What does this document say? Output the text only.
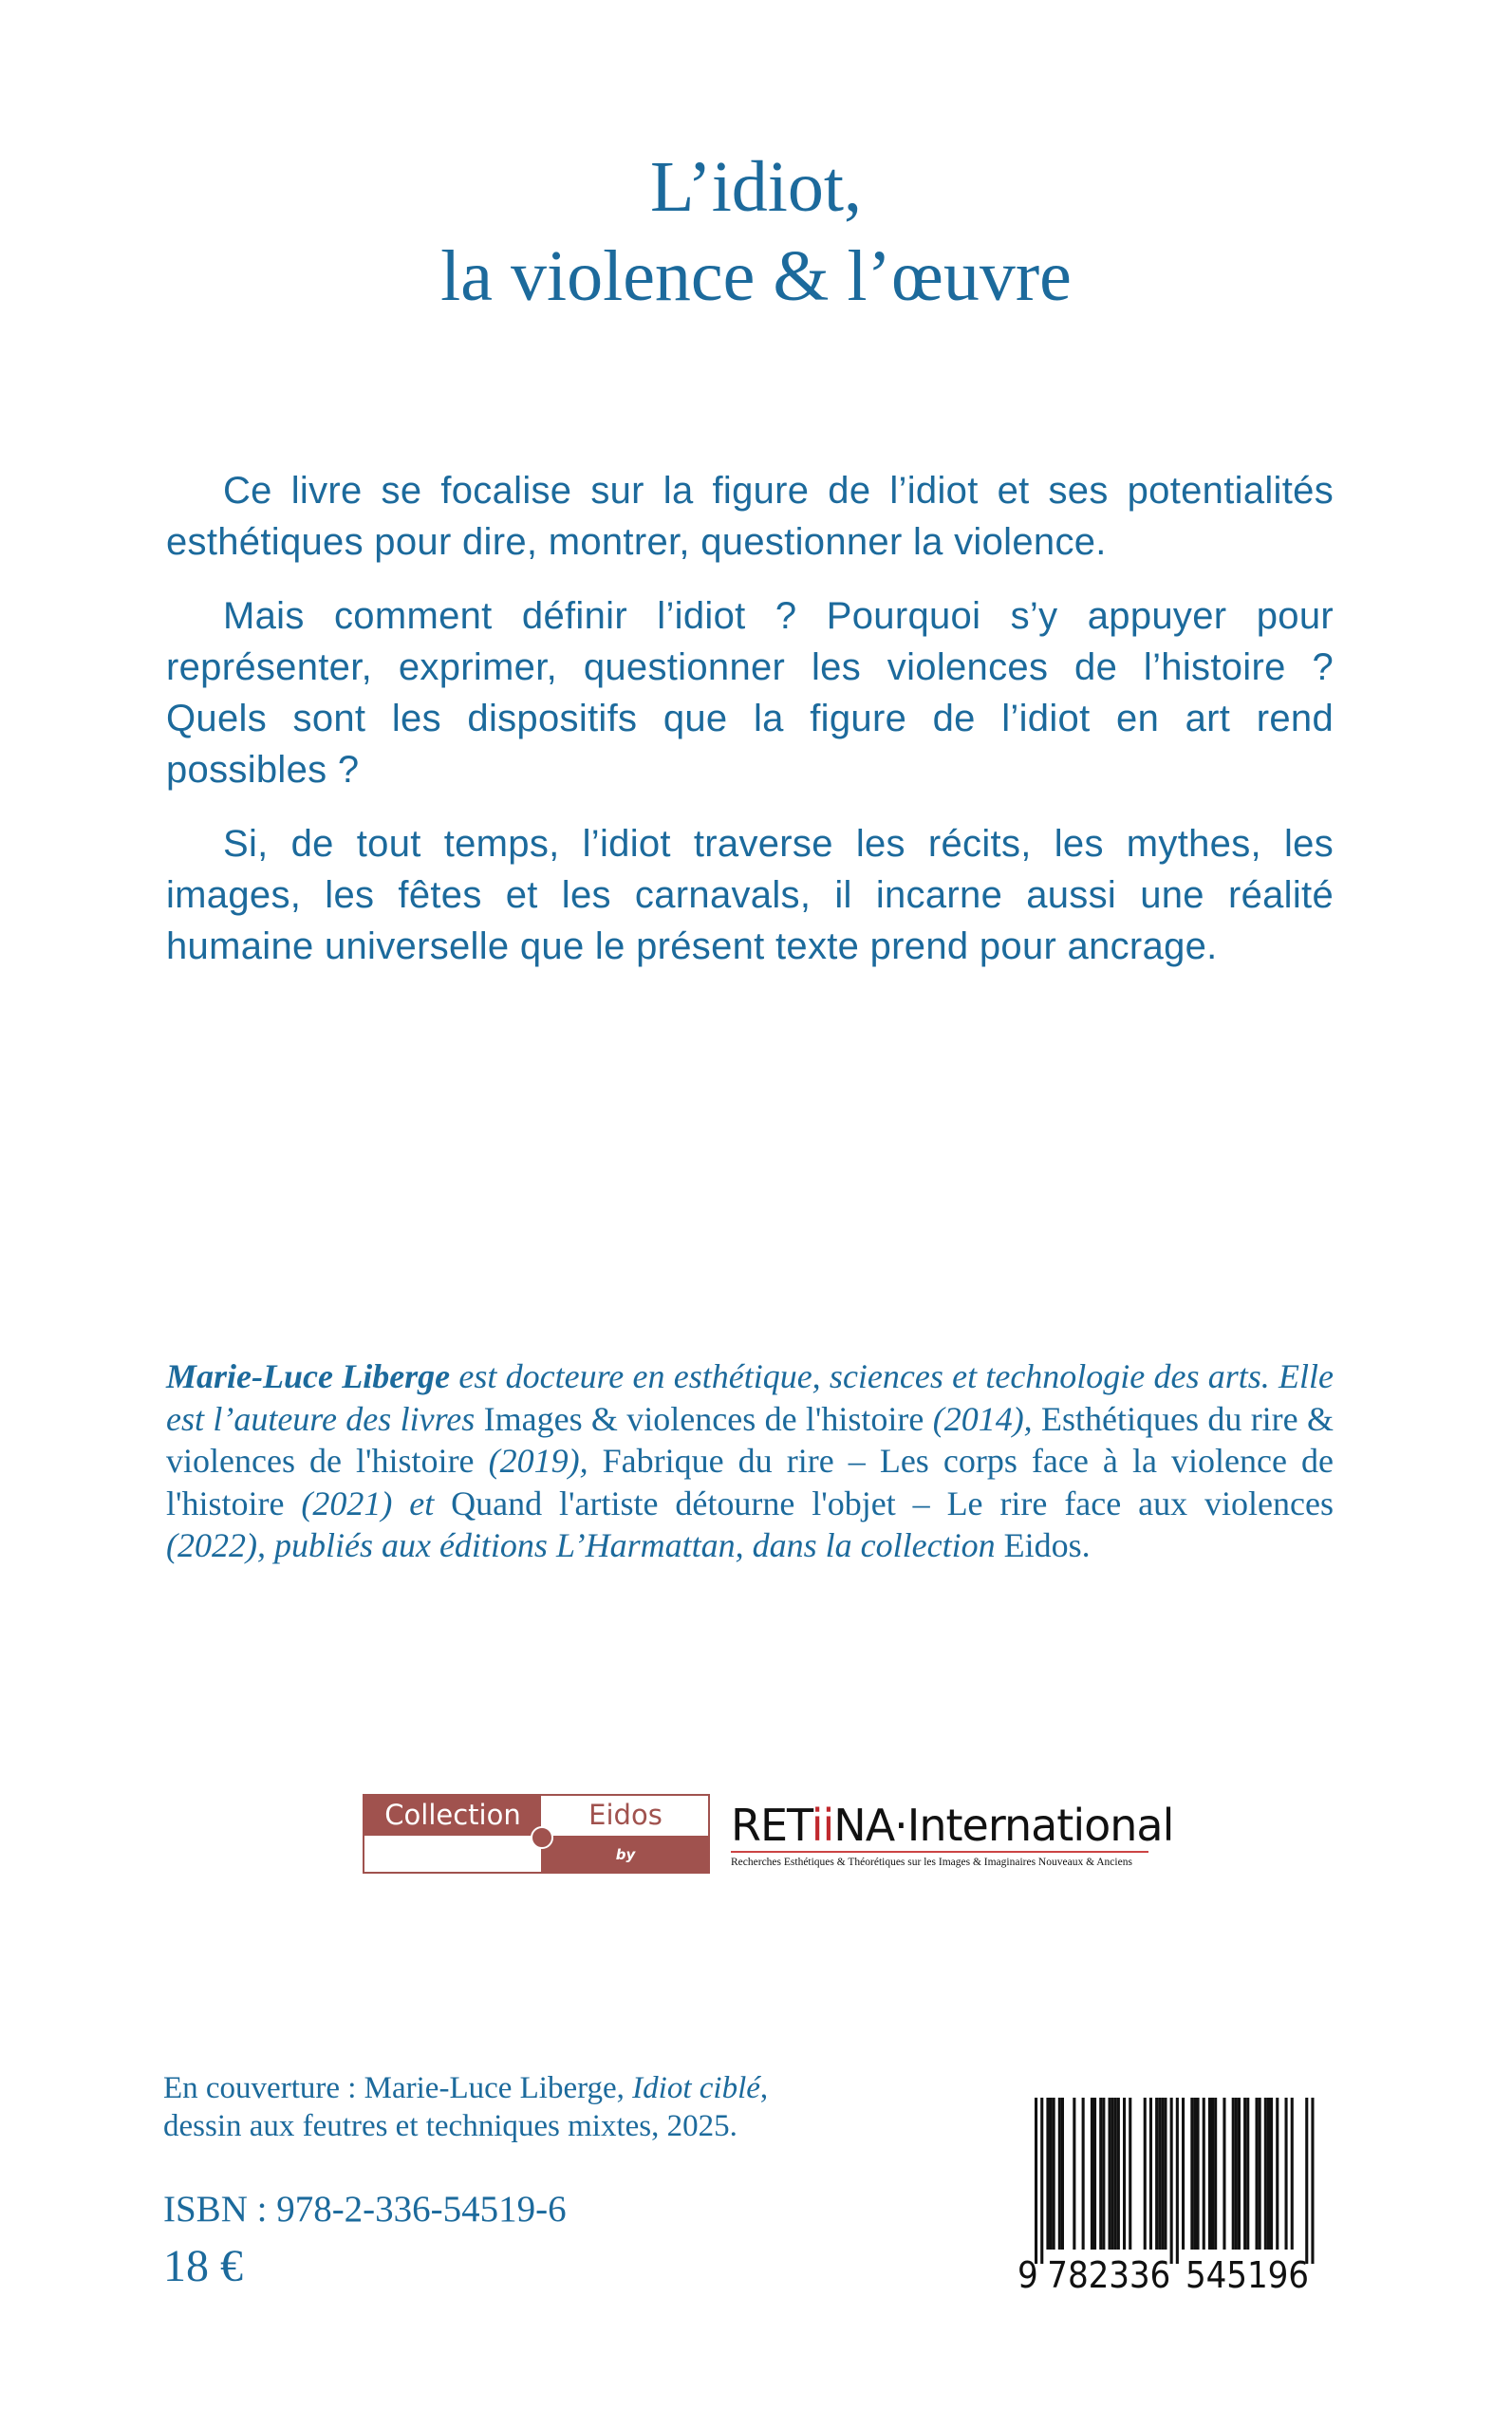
L’idiot,
la violence & l’œuvre

Ce livre se focalise sur la figure de l’idiot et ses potentialités esthétiques pour dire, montrer, questionner la violence.

Mais comment définir l’idiot ? Pourquoi s’y appuyer pour représenter, exprimer, questionner les violences de l’histoire ? Quels sont les dispositifs que la figure de l’idiot en art rend possibles ?

Si, de tout temps, l’idiot traverse les récits, les mythes, les images, les fêtes et les carnavals, il incarne aussi une réalité humaine universelle que le présent texte prend pour ancrage.

Marie-Luce Liberge est docteure en esthétique, sciences et technologie des arts. Elle est l’auteure des livres Images & violences de l'histoire (2014), Esthétiques du rire & violences de l'histoire (2019), Fabrique du rire – Les corps face à la violence de l'histoire (2021) et Quand l'artiste détourne l'objet – Le rire face aux violences (2022), publiés aux éditions L’Harmattan, dans la collection Eidos.
Collection	Eidos
by RETINA.International
RETiiNA·International
Recherches Esthétiques & Théorétiques sur les Images & Imaginaires Nouveaux & Anciens
En couverture : Marie-Luce Liberge, Idiot ciblé,
dessin aux feutres et techniques mixtes, 2025.
ISBN : 978-2-336-54519-6
18 €	9 782336 545196
